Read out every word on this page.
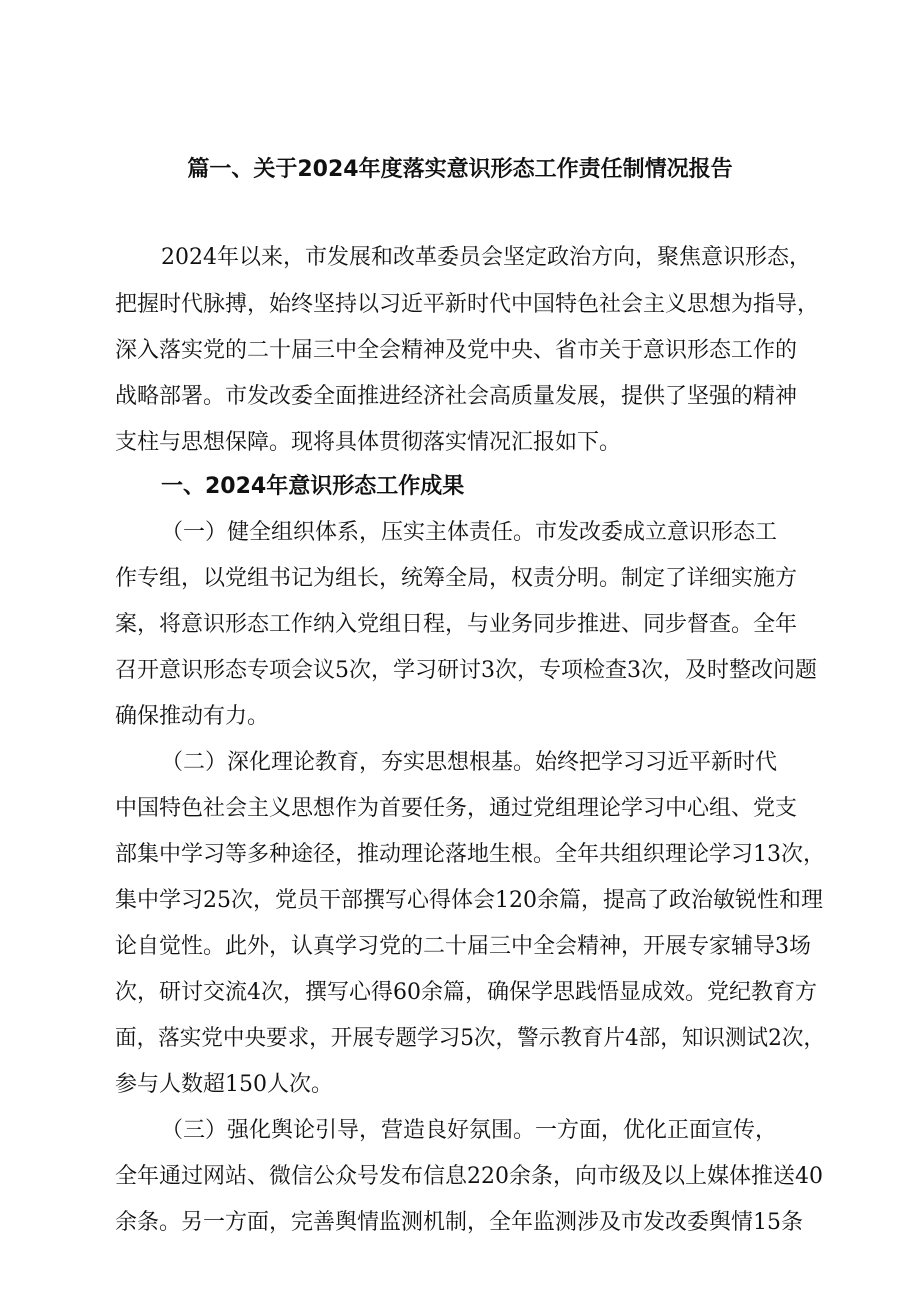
篇一、关于2024年度落实意识形态工作责任制情况报告
2024年以来，市发展和改革委员会坚定政治方向，聚焦意识形态，
把握时代脉搏，始终坚持以习近平新时代中国特色社会主义思想为指导，
深入落实党的二十届三中全会精神及党中央、省市关于意识形态工作的
战略部署。市发改委全面推进经济社会高质量发展，提供了坚强的精神
支柱与思想保障。现将具体贯彻落实情况汇报如下。
一、2024年意识形态工作成果
（一）健全组织体系，压实主体责任。市发改委成立意识形态工
作专组，以党组书记为组长，统筹全局，权责分明。制定了详细实施方
案，将意识形态工作纳入党组日程，与业务同步推进、同步督查。全年
召开意识形态专项会议5次，学习研讨3次，专项检查3次，及时整改问题
确保推动有力。
（二）深化理论教育，夯实思想根基。始终把学习习近平新时代
中国特色社会主义思想作为首要任务，通过党组理论学习中心组、党支
部集中学习等多种途径，推动理论落地生根。全年共组织理论学习13次，
集中学习25次，党员干部撰写心得体会120余篇，提高了政治敏锐性和理
论自觉性。此外，认真学习党的二十届三中全会精神，开展专家辅导3场
次，研讨交流4次，撰写心得60余篇，确保学思践悟显成效。党纪教育方
面，落实党中央要求，开展专题学习5次，警示教育片4部，知识测试2次，
参与人数超150人次。
（三）强化舆论引导，营造良好氛围。一方面，优化正面宣传，
全年通过网站、微信公众号发布信息220余条，向市级及以上媒体推送40
余条。另一方面，完善舆情监测机制，全年监测涉及市发改委舆情15条
